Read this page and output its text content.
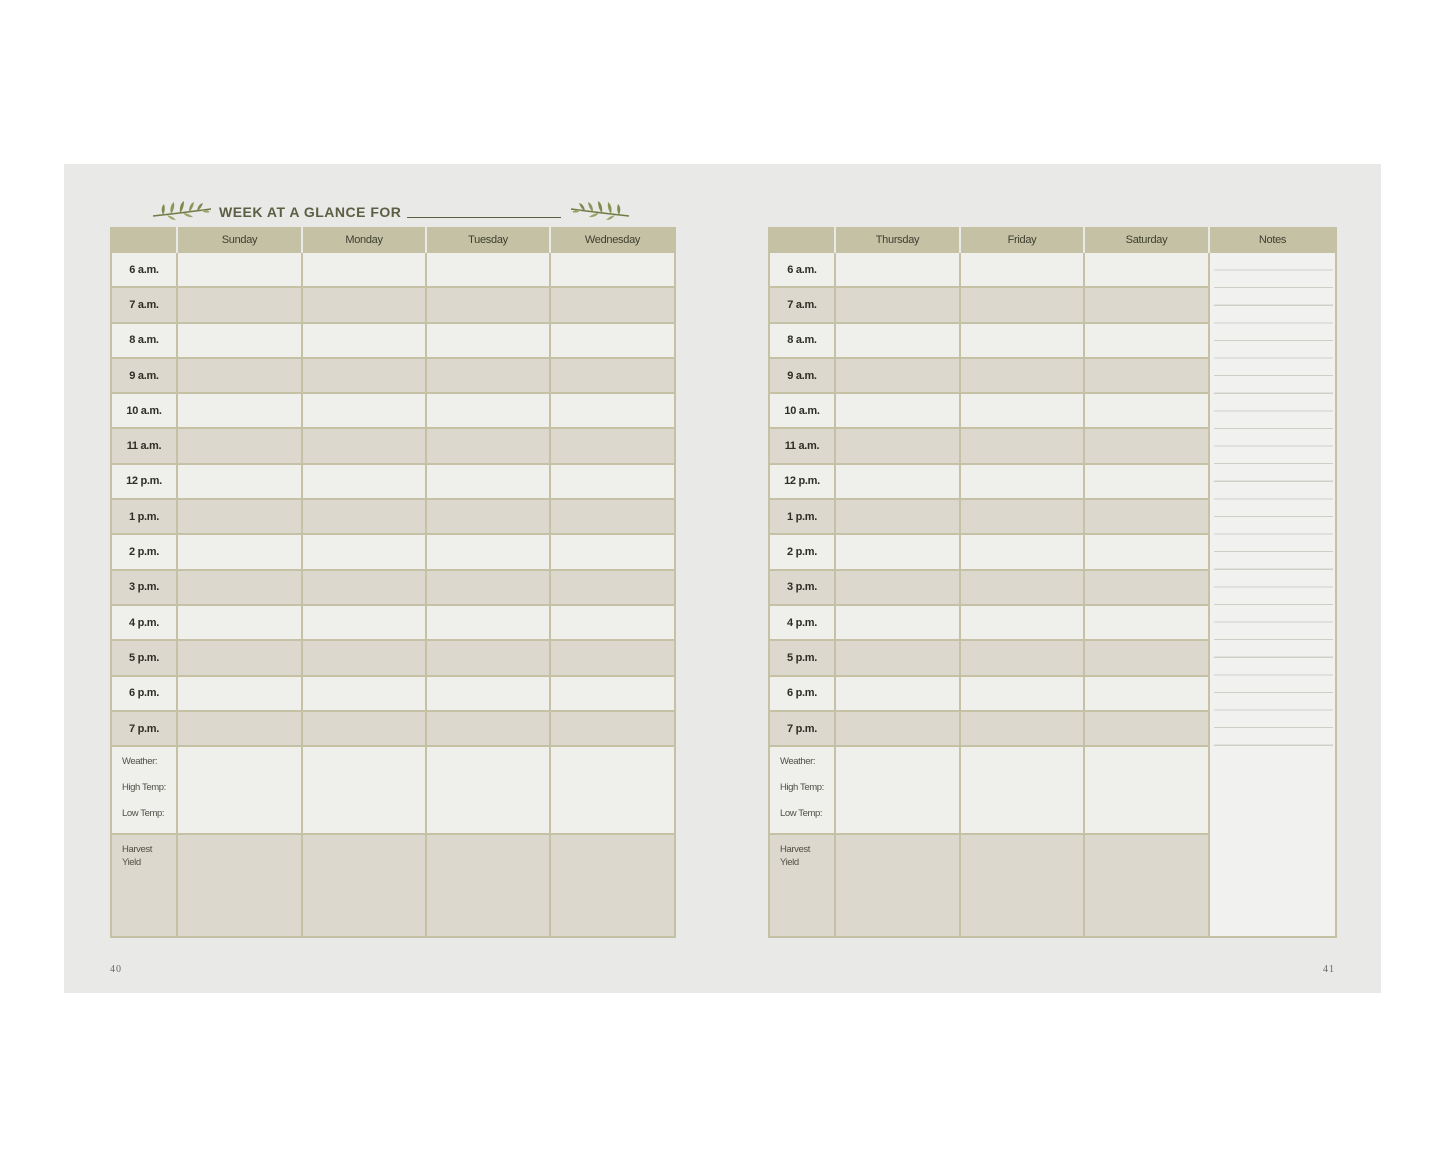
WEEK AT A GLANCE FOR
	Sunday	Monday	Tuesday	Wednesday
6 a.m.				
7 a.m.				
8 a.m.				
9 a.m.				
10 a.m.				
11 a.m.				
12 p.m.				
1 p.m.				
2 p.m.				
3 p.m.				
4 p.m.				
5 p.m.				
6 p.m.				
7 p.m.				

Weather:
High Temp:
Low Temp:				

Harvest Yield				

	Thursday	Friday	Saturday	Notes
6 a.m.				

7 a.m.				
8 a.m.				
9 a.m.				
10 a.m.				
11 a.m.				
12 p.m.				
1 p.m.				
2 p.m.				
3 p.m.				
4 p.m.				
5 p.m.				
6 p.m.				
7 p.m.				

Weather:
High Temp:
Low Temp:				

Harvest Yield				

40	41
